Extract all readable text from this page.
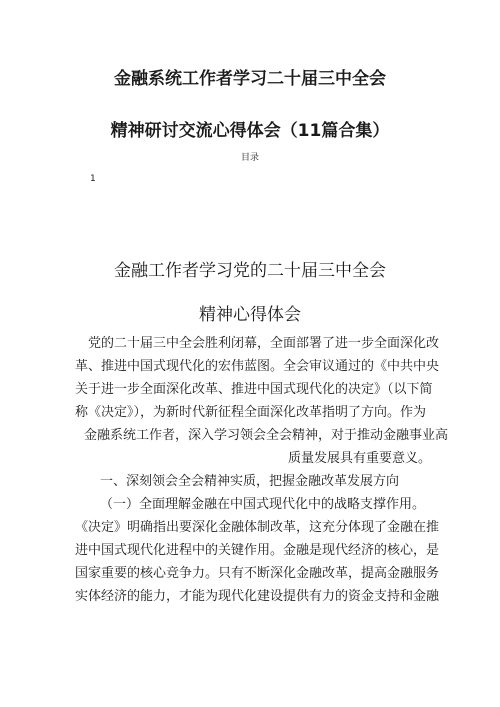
金融系统工作者学习二十届三中全会
精神研讨交流心得体会（11篇合集）
目录
1
金融工作者学习党的二十届三中全会
精神心得体会
党的二十届三中全会胜利闭幕，全面部署了进一步全面深化改
革、推进中国式现代化的宏伟蓝图。全会审议通过的《中共中央
关于进一步全面深化改革、推进中国式现代化的决定》（以下简
称《决定》），为新时代新征程全面深化改革指明了方向。作为
金融系统工作者，深入学习领会全会精神，对于推动金融事业高
质量发展具有重要意义。
一、深刻领会全会精神实质，把握金融改革发展方向
（一）全面理解金融在中国式现代化中的战略支撑作用。
《决定》明确指出要深化金融体制改革，这充分体现了金融在推
进中国式现代化进程中的关键作用。金融是现代经济的核心，是
国家重要的核心竞争力。只有不断深化金融改革，提高金融服务
实体经济的能力，才能为现代化建设提供有力的资金支持和金融
